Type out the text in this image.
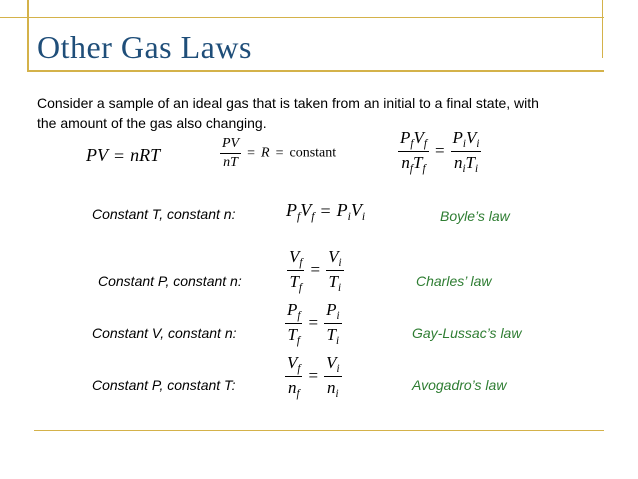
Other Gas Laws

Consider a sample of an ideal gas that is taken from an initial to a final state, with the amount of the gas also changing.

PV = nRT	$\frac{PV}{nT} = R$ = constant	$\frac{P_fV_f}{n_fT_f} = \frac{P_iV_i}{n_iT_i}$
Constant T, constant n:	$P_fV_f = P_iV_i$	Boyle’s law
Constant P, constant n:	$\frac{V_f}{T_f} = \frac{V_i}{T_i}$	Charles’ law
Constant V, constant n:	$\frac{P_f}{T_f} = \frac{P_i}{T_i}$	Gay-Lussac’s law
Constant P, constant T:	$\frac{V_f}{n_f} = \frac{V_i}{n_i}$	Avogadro’s law
